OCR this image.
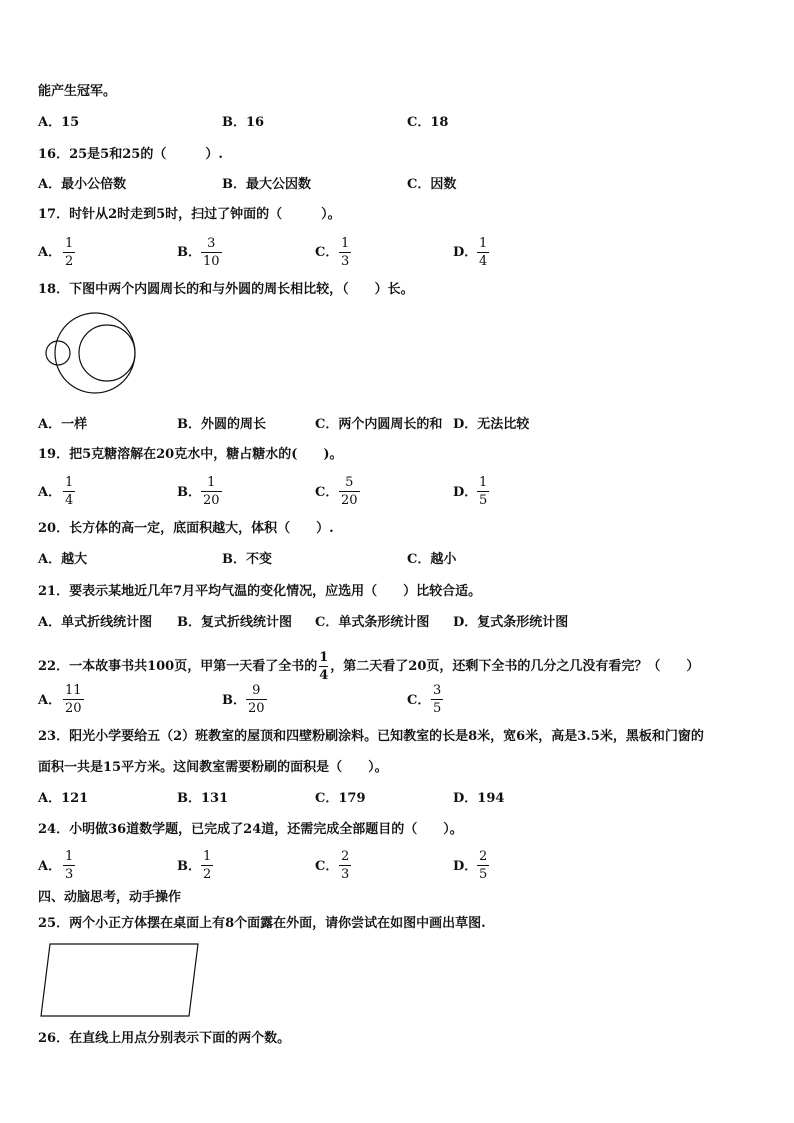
能产生冠军。
A．15	B．16	C．18
16．25是5和25的（　　　）.
A．最小公倍数	B．最大公因数	C．因数
17．时针从2时走到5时，扫过了钟面的（　　　）。
A．
1
2
B．
3
10
C．
1
3
D．
1
4
18．下图中两个内圆周长的和与外圆的周长相比较，（　　）长。
A．一样	B．外圆的周长	C．两个内圆周长的和 D．无法比较
19．把5克糖溶解在20克水中，糖占糖水的(　　)。
A．
1
4
B．
1
20
C．
5
20
D．
1
5
20．长方体的高一定，底面积越大，体积（　　）.
A．越大	B．不变	C．越小
21．要表示某地近几年7月平均气温的变化情况，应选用（　　）比较合适。
A．单式折线统计图 B．复式折线统计图 C．单式条形统计图 D．复式条形统计图
22．一本故事书共100页，甲第一天看了全书的 $\frac{1}{4}$ ，第二天看了20页，还剩下全书的几分之几没有看完？（　　）
A．
11
20
B．
9
20
C．
3
5
23．阳光小学要给五（2）班教室的屋顶和四壁粉刷涂料。已知教室的长是8米，宽6米，高是3.5米，黑板和门窗的
面积一共是15平方米。这间教室需要粉刷的面积是（　　）。
A．121	B．131	C．179	D．194
24．小明做36道数学题，已完成了24道，还需完成全部题目的（　　）。
A．
1
3
B．
1
2
C．
2
3
D．
2
5
四、动脑思考，动手操作
25．两个小正方体摆在桌面上有8个面露在外面，请你尝试在如图中画出草图.
26．在直线上用点分别表示下面的两个数。
